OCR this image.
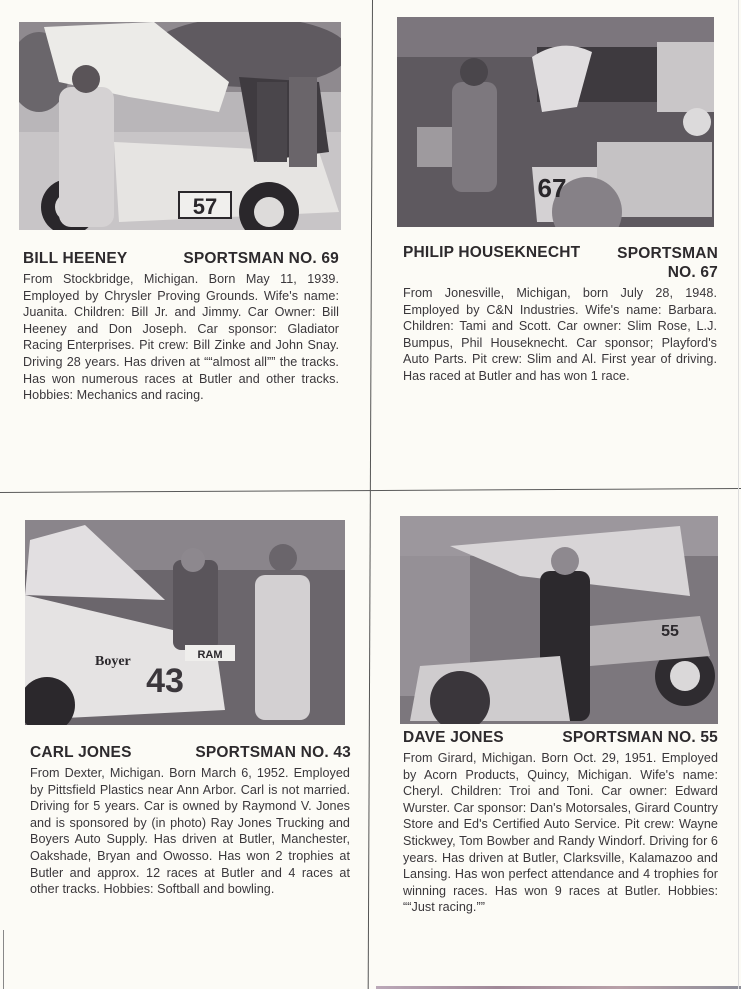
57
BILL HEENEY	SPORTSMAN NO. 69
From Stockbridge, Michigan. Born May 11, 1939. Employed by Chrysler Proving Grounds. Wife's name: Juanita. Children: Bill Jr. and Jimmy. Car Owner: Bill Heeney and Don Joseph. Car sponsor: Gladiator Racing Enterprises. Pit crew: Bill Zinke and John Snay. Driving 28 years. Has driven at ““almost all”” the tracks. Has won numerous races at Butler and other tracks. Hobbies: Mechanics and racing.
67
PHILIP HOUSEKNECHT	SPORTSMAN NO. 67
From Jonesville, Michigan, born July 28, 1948. Employed by C&N Industries. Wife's name: Barbara. Children: Tami and Scott. Car owner: Slim Rose, L.J. Bumpus, Phil Houseknecht. Car sponsor; Playford's Auto Parts. Pit crew: Slim and Al. First year of driving. Has raced at Butler and has won 1 race.
RAM
Boyer
43
CARL JONES	SPORTSMAN NO. 43
From Dexter, Michigan. Born March 6, 1952. Employed by Pittsfield Plastics near Ann Arbor. Carl is not married. Driving for 5 years. Car is owned by Raymond V. Jones and is sponsored by (in photo) Ray Jones Trucking and Boyers Auto Supply. Has driven at Butler, Manchester, Oakshade, Bryan and Owosso. Has won 2 trophies at Butler and approx. 12 races at Butler and 4 races at other tracks. Hobbies: Softball and bowling.
55
DAVE JONES	SPORTSMAN NO. 55
From Girard, Michigan. Born Oct. 29, 1951. Employed by Acorn Products, Quincy, Michigan. Wife's name: Cheryl. Children: Troi and Toni. Car owner: Edward Wurster. Car sponsor: Dan's Motorsales, Girard Country Store and Ed's Certified Auto Service. Pit crew: Wayne Stickwey, Tom Bowber and Randy Windorf. Driving for 6 years. Has driven at Butler, Clarksville, Kalamazoo and Lansing. Has won perfect attendance and 4 trophies for winning races. Has won 9 races at Butler. Hobbies: ““Just racing.””
